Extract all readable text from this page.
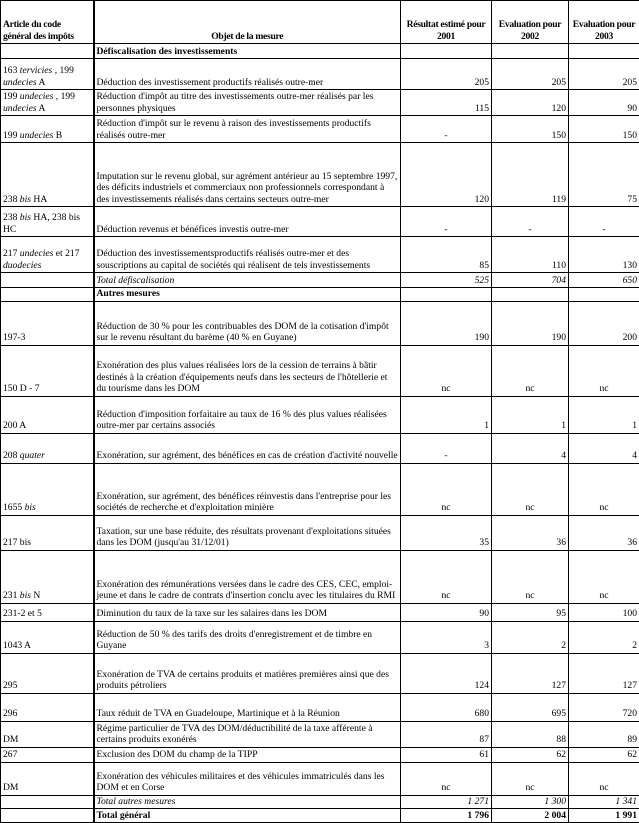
Article du code général des impôts	Objet de la mesure	Résultat estimé pour 2001	Evaluation pour 2002	Evaluation pour 2003
	Défiscalisation des investissements			
163 tervicies , 199 undecies A	Déduction des investissement productifs réalisés outre-mer	205	205	205
199 undecies , 199 undecies A	Réduction d'impôt au titre des investissements outre-mer réalisés par les personnes physiques	115	120	90
199 undecies B	Réduction d'impôt sur le revenu à raison des investissements productifs réalisés outre-mer	-	150	150
238 bis HA	Imputation sur le revenu global, sur agrément antérieur au 15 septembre 1997, des déficits industriels et commerciaux non professionnels correspondant à des investissements réalisés dans certains secteurs outre-mer	120	119	75
238 bis HA, 238 bis HC	Déduction revenus et bénéfices investis outre-mer	-	-	-
217 undecies et 217 duodecies	Déduction des investissementsproductifs réalisés outre-mer et des souscriptions au capital de sociétés qui réalisent de tels investissements	85	110	130
	Total défiscalisation	525	704	650
	Autres mesures			
197-3	Réduction de 30 % pour les contribuables des DOM de la cotisation d'impôt sur le revenu résultant du barème (40 % en Guyane)	190	190	200
150 D - 7	Exonération des plus values réalisées lors de la cession de terrains à bâtir destinés à la création d'équipements neufs dans les secteurs de l'hôtellerie et du tourisme dans les DOM	nc	nc	nc
200 A	Réduction d'imposition forfaitaire au taux de 16 % des plus values réalisées outre-mer par certains associés	1	1	1
208 quater	Exonération, sur agrément, des bénéfices en cas de création d'activité nouvelle	-	4	4
1655 bis	Exonération, sur agrément, des bénéfices réinvestis dans l'entreprise pour les sociétés de recherche et d'exploitation minière	nc	nc	nc
217 bis	Taxation, sur une base réduite, des résultats provenant d'exploitations situées dans les DOM (jusqu'au 31/12/01)	35	36	36
231 bis N	Exonération des rémunérations versées dans le cadre des CES, CEC, emploi-jeune et dans le cadre de contrats d'insertion conclu avec les titulaires du RMI	nc	nc	nc
231-2 et 5	Diminution du taux de la taxe sur les salaires dans les DOM	90	95	100
1043 A	Réduction de 50 % des tarifs des droits d'enregistrement et de timbre en Guyane	3	2	2
295	Exonération de TVA de certains produits et matières premières ainsi que des produits pétroliers	124	127	127
296	Taux réduit de TVA en Guadeloupe, Martinique et à la Réunion	680	695	720
DM	Régime particulier de TVA des DOM/déductibilité de la taxe afférente à certains produits exonérés	87	88	89
267	Exclusion des DOM du champ de la TIPP	61	62	62
DM	Exonération des véhicules militaires et des véhicules immatriculés dans les DOM et en Corse	nc	nc	nc
	Total autres mesures	1 271	1 300	1 341
	Total général	1 796	2 004	1 991
